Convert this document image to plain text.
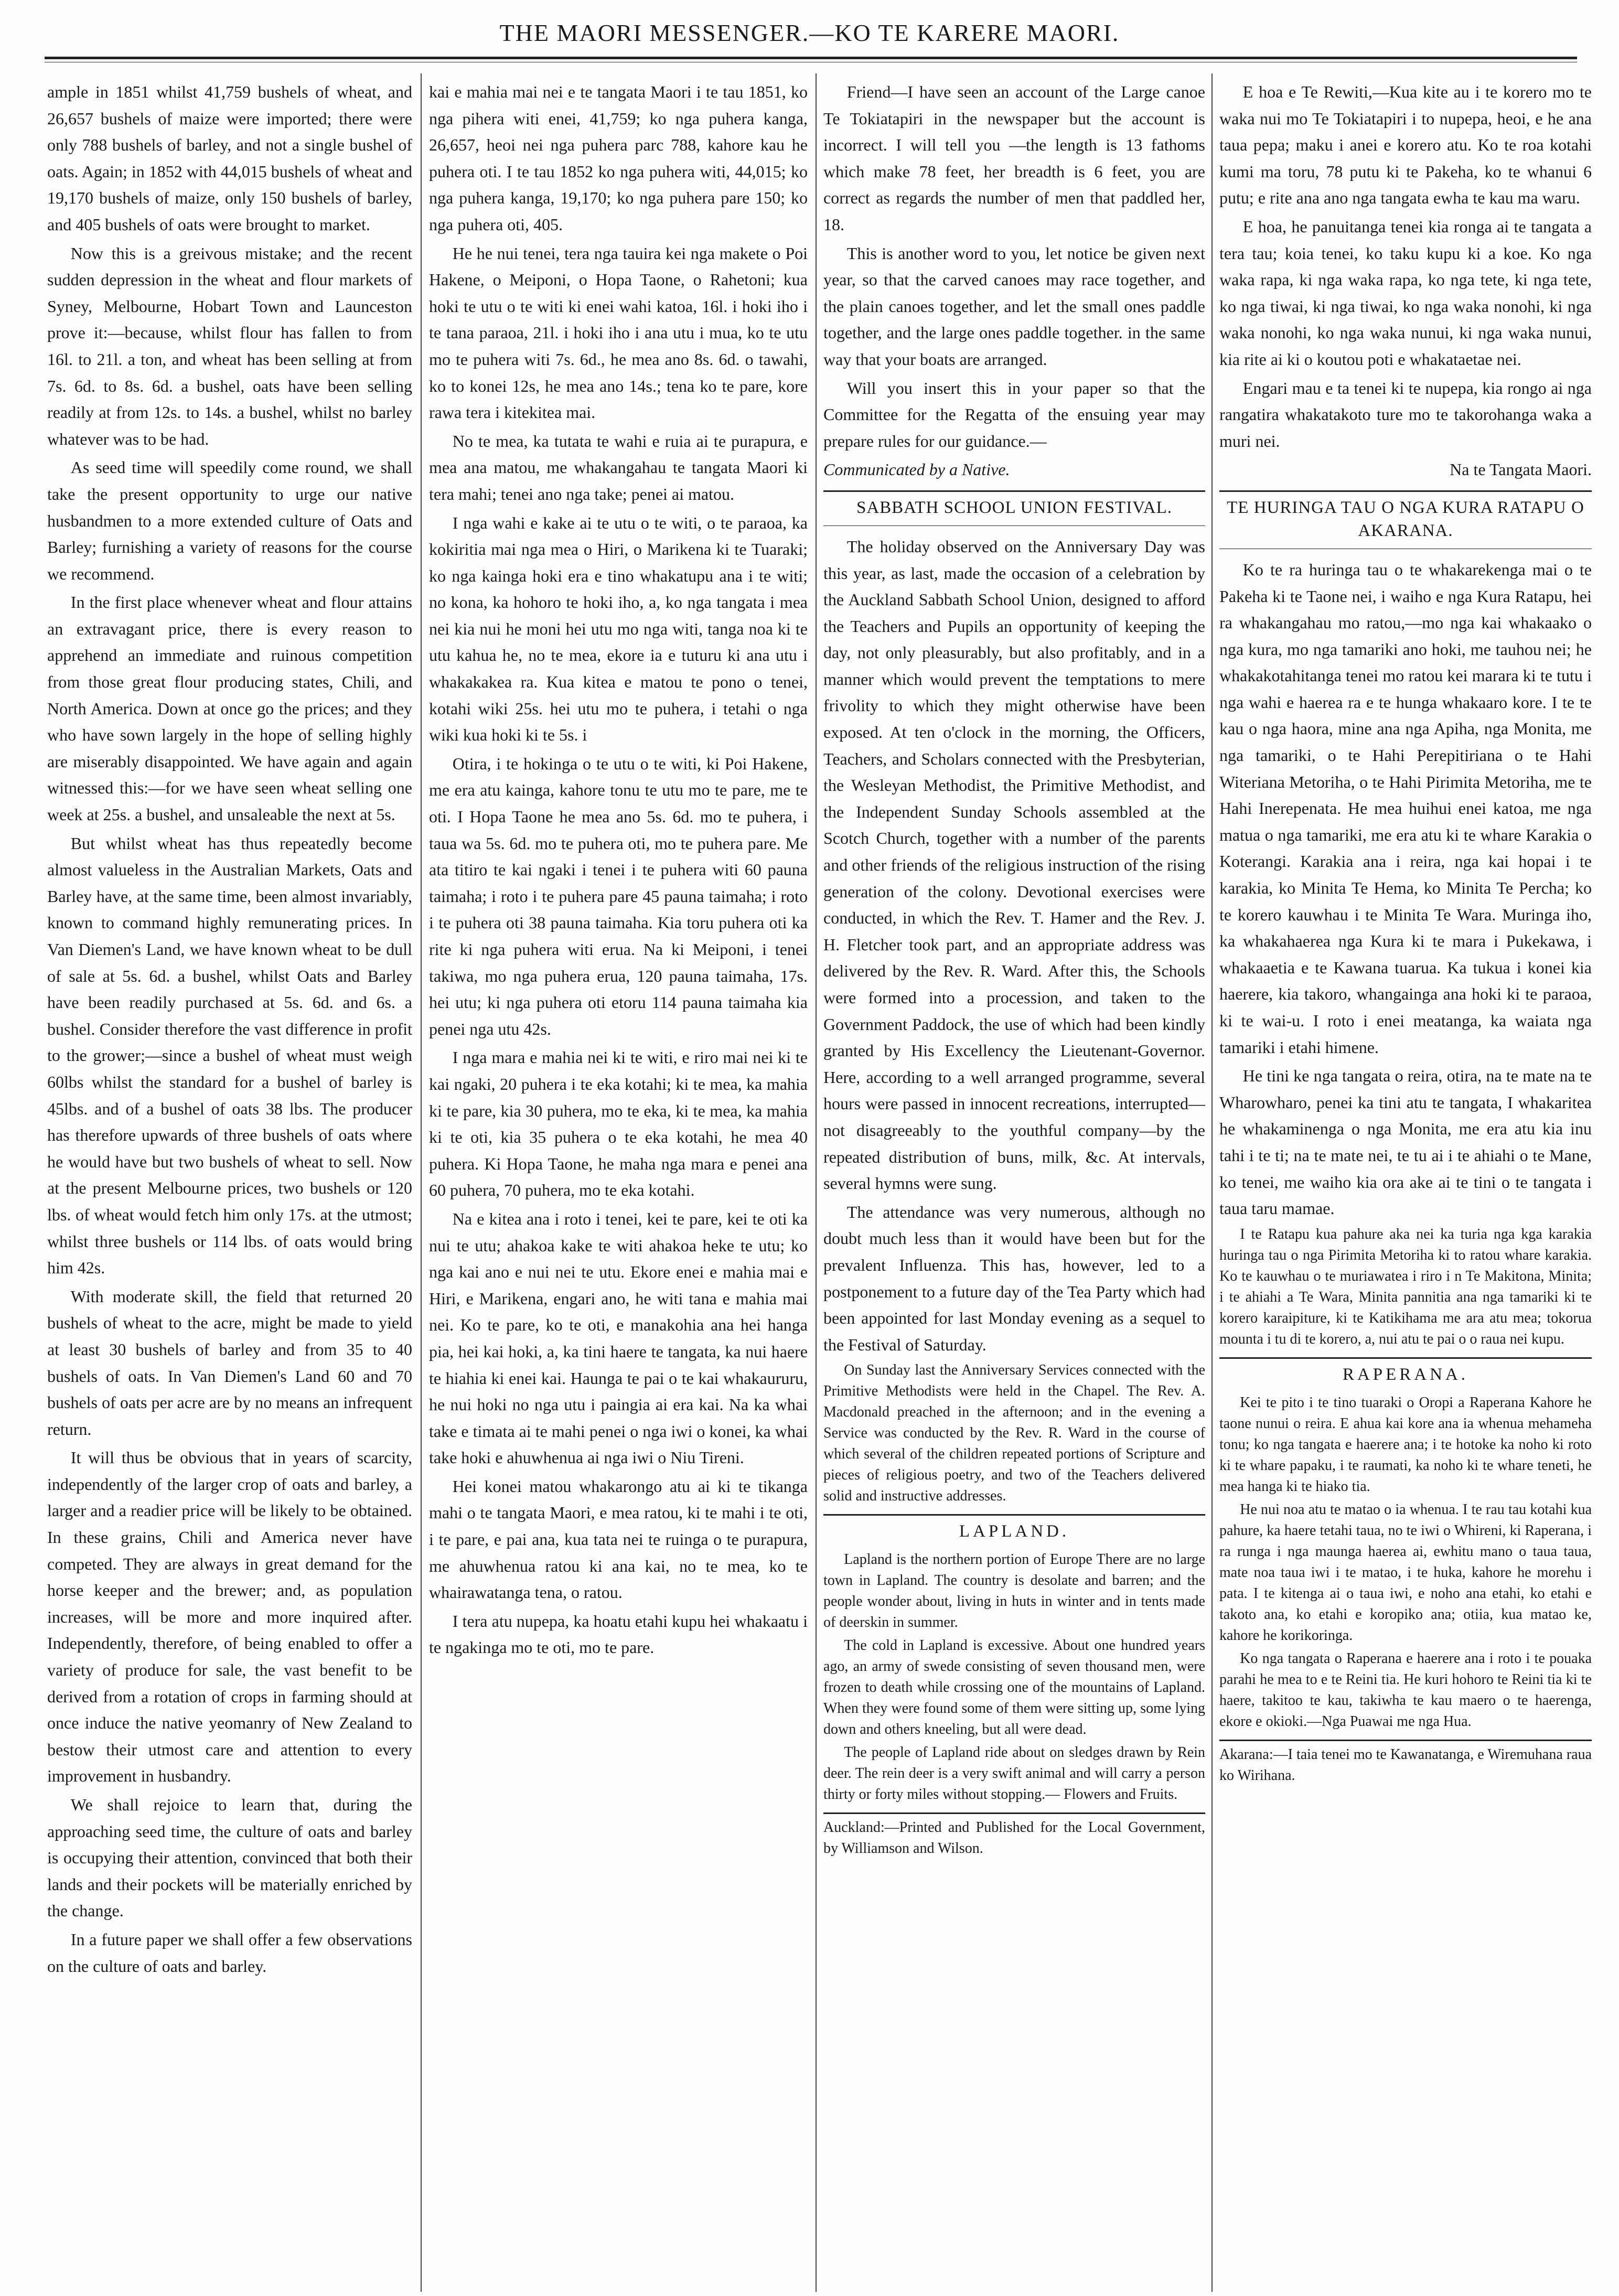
THE MAORI MESSENGER.—KO TE KARERE MAORI.

ample in 1851 whilst 41,759 bushels of wheat, and 26,657 bushels of maize were imported; there were only 788 bushels of barley, and not a single bushel of oats. Again; in 1852 with 44,015 bushels of wheat and 19,170 bushels of maize, only 150 bushels of barley, and 405 bushels of oats were brought to market.

Now this is a greivous mistake; and the recent sudden depression in the wheat and flour markets of Syney, Melbourne, Hobart Town and Launceston prove it:—because, whilst flour has fallen to from 16l. to 21l. a ton, and wheat has been selling at from 7s. 6d. to 8s. 6d. a bushel, oats have been selling readily at from 12s. to 14s. a bushel, whilst no barley whatever was to be had.

As seed time will speedily come round, we shall take the present opportunity to urge our native husbandmen to a more extended culture of Oats and Barley; furnishing a variety of reasons for the course we recommend.

In the first place whenever wheat and flour attains an extravagant price, there is every reason to apprehend an immediate and ruinous competition from those great flour producing states, Chili, and North America. Down at once go the prices; and they who have sown largely in the hope of selling highly are miserably disappointed. We have again and again witnessed this:—for we have seen wheat selling one week at 25s. a bushel, and unsaleable the next at 5s.

But whilst wheat has thus repeatedly become almost valueless in the Australian Markets, Oats and Barley have, at the same time, been almost invariably, known to command highly remunerating prices. In Van Diemen's Land, we have known wheat to be dull of sale at 5s. 6d. a bushel, whilst Oats and Barley have been readily purchased at 5s. 6d. and 6s. a bushel. Consider therefore the vast difference in profit to the grower;—since a bushel of wheat must weigh 60lbs whilst the standard for a bushel of barley is 45lbs. and of a bushel of oats 38 lbs. The producer has therefore upwards of three bushels of oats where he would have but two bushels of wheat to sell. Now at the present Melbourne prices, two bushels or 120 lbs. of wheat would fetch him only 17s. at the utmost; whilst three bushels or 114 lbs. of oats would bring him 42s.

With moderate skill, the field that returned 20 bushels of wheat to the acre, might be made to yield at least 30 bushels of barley and from 35 to 40 bushels of oats. In Van Diemen's Land 60 and 70 bushels of oats per acre are by no means an infrequent return.

It will thus be obvious that in years of scarcity, independently of the larger crop of oats and barley, a larger and a readier price will be likely to be obtained. In these grains, Chili and America never have competed. They are always in great demand for the horse keeper and the brewer; and, as population increases, will be more and more inquired after. Independently, therefore, of being enabled to offer a variety of produce for sale, the vast benefit to be derived from a rotation of crops in farming should at once induce the native yeomanry of New Zealand to bestow their utmost care and attention to every improvement in husbandry.

We shall rejoice to learn that, during the approaching seed time, the culture of oats and barley is occupying their attention, convinced that both their lands and their pockets will be materially enriched by the change.

In a future paper we shall offer a few observations on the culture of oats and barley.

kai e mahia mai nei e te tangata Maori i te tau 1851, ko nga pihera witi enei, 41,759; ko nga puhera kanga, 26,657, heoi nei nga puhera parc 788, kahore kau he puhera oti. I te tau 1852 ko nga puhera witi, 44,015; ko nga puhera kanga, 19,170; ko nga puhera pare 150; ko nga puhera oti, 405.

He he nui tenei, tera nga tauira kei nga makete o Poi Hakene, o Meiponi, o Hopa Taone, o Rahetoni; kua hoki te utu o te witi ki enei wahi katoa, 16l. i hoki iho i te tana paraoa, 21l. i hoki iho i ana utu i mua, ko te utu mo te puhera witi 7s. 6d., he mea ano 8s. 6d. o tawahi, ko to konei 12s, he mea ano 14s.; tena ko te pare, kore rawa tera i kitekitea mai.

No te mea, ka tutata te wahi e ruia ai te purapura, e mea ana matou, me whakangahau te tangata Maori ki tera mahi; tenei ano nga take; penei ai matou.

I nga wahi e kake ai te utu o te witi, o te paraoa, ka kokiritia mai nga mea o Hiri, o Marikena ki te Tuaraki; ko nga kainga hoki era e tino whakatupu ana i te witi; no kona, ka hohoro te hoki iho, a, ko nga tangata i mea nei kia nui he moni hei utu mo nga witi, tanga noa ki te utu kahua he, no te mea, ekore ia e tuturu ki ana utu i whakakakea ra. Kua kitea e matou te pono o tenei, kotahi wiki 25s. hei utu mo te puhera, i tetahi o nga wiki kua hoki ki te 5s. i

Otira, i te hokinga o te utu o te witi, ki Poi Hakene, me era atu kainga, kahore tonu te utu mo te pare, me te oti. I Hopa Taone he mea ano 5s. 6d. mo te puhera, i taua wa 5s. 6d. mo te puhera oti, mo te puhera pare. Me ata titiro te kai ngaki i tenei i te puhera witi 60 pauna taimaha; i roto i te puhera pare 45 pauna taimaha; i roto i te puhera oti 38 pauna taimaha. Kia toru puhera oti ka rite ki nga puhera witi erua. Na ki Meiponi, i tenei takiwa, mo nga puhera erua, 120 pauna taimaha, 17s. hei utu; ki nga puhera oti etoru 114 pauna taimaha kia penei nga utu 42s.

I nga mara e mahia nei ki te witi, e riro mai nei ki te kai ngaki, 20 puhera i te eka kotahi; ki te mea, ka mahia ki te pare, kia 30 puhera, mo te eka, ki te mea, ka mahia ki te oti, kia 35 puhera o te eka kotahi, he mea 40 puhera. Ki Hopa Taone, he maha nga mara e penei ana 60 puhera, 70 puhera, mo te eka kotahi.

Na e kitea ana i roto i tenei, kei te pare, kei te oti ka nui te utu; ahakoa kake te witi ahakoa heke te utu; ko nga kai ano e nui nei te utu. Ekore enei e mahia mai e Hiri, e Marikena, engari ano, he witi tana e mahia mai nei. Ko te pare, ko te oti, e manakohia ana hei hanga pia, hei kai hoki, a, ka tini haere te tangata, ka nui haere te hiahia ki enei kai. Haunga te pai o te kai whakaururu, he nui hoki no nga utu i paingia ai era kai. Na ka whai take e timata ai te mahi penei o nga iwi o konei, ka whai take hoki e ahuwhenua ai nga iwi o Niu Tireni.

Hei konei matou whakarongo atu ai ki te tikanga mahi o te tangata Maori, e mea ratou, ki te mahi i te oti, i te pare, e pai ana, kua tata nei te ruinga o te purapura, me ahuwhenua ratou ki ana kai, no te mea, ko te whairawatanga tena, o ratou.

I tera atu nupepa, ka hoatu etahi kupu hei whakaatu i te ngakinga mo te oti, mo te pare.

Friend—I have seen an account of the Large canoe Te Tokiatapiri in the newspaper but the account is incorrect. I will tell you —the length is 13 fathoms which make 78 feet, her breadth is 6 feet, you are correct as regards the number of men that paddled her, 18.

This is another word to you, let notice be given next year, so that the carved canoes may race together, and the plain canoes together, and let the small ones paddle together, and the large ones paddle together. in the same way that your boats are arranged.

Will you insert this in your paper so that the Committee for the Regatta of the ensuing year may prepare rules for our guidance.—

Communicated by a Native.

SABBATH SCHOOL UNION FESTIVAL.

The holiday observed on the Anniversary Day was this year, as last, made the occasion of a celebration by the Auckland Sabbath School Union, designed to afford the Teachers and Pupils an opportunity of keeping the day, not only pleasurably, but also profitably, and in a manner which would prevent the temptations to mere frivolity to which they might otherwise have been exposed. At ten o'clock in the morning, the Officers, Teachers, and Scholars connected with the Presbyterian, the Wesleyan Methodist, the Primitive Methodist, and the Independent Sunday Schools assembled at the Scotch Church, together with a number of the parents and other friends of the religious instruction of the rising generation of the colony. Devotional exercises were conducted, in which the Rev. T. Hamer and the Rev. J. H. Fletcher took part, and an appropriate address was delivered by the Rev. R. Ward. After this, the Schools were formed into a procession, and taken to the Government Paddock, the use of which had been kindly granted by His Excellency the Lieutenant-Governor. Here, according to a well arranged programme, several hours were passed in innocent recreations, interrupted—not disagreeably to the youthful company—by the repeated distribution of buns, milk, &c. At intervals, several hymns were sung.

The attendance was very numerous, although no doubt much less than it would have been but for the prevalent Influenza. This has, however, led to a postponement to a future day of the Tea Party which had been appointed for last Monday evening as a sequel to the Festival of Saturday.

On Sunday last the Anniversary Services connected with the Primitive Methodists were held in the Chapel. The Rev. A. Macdonald preached in the afternoon; and in the evening a Service was conducted by the Rev. R. Ward in the course of which several of the children repeated portions of Scripture and pieces of religious poetry, and two of the Teachers delivered solid and instructive addresses.

LAPLAND.

Lapland is the northern portion of Europe There are no large town in Lapland. The country is desolate and barren; and the people wonder about, living in huts in winter and in tents made of deerskin in summer.

The cold in Lapland is excessive. About one hundred years ago, an army of swede consisting of seven thousand men, were frozen to death while crossing one of the mountains of Lapland. When they were found some of them were sitting up, some lying down and others kneeling, but all were dead.

The people of Lapland ride about on sledges drawn by Rein deer. The rein deer is a very swift animal and will carry a person thirty or forty miles without stopping.— Flowers and Fruits.

Auckland:—Printed and Published for the Local Government, by Williamson and Wilson.

E hoa e Te Rewiti,—Kua kite au i te korero mo te waka nui mo Te Tokiatapiri i to nupepa, heoi, e he ana taua pepa; maku i anei e korero atu. Ko te roa kotahi kumi ma toru, 78 putu ki te Pakeha, ko te whanui 6 putu; e rite ana ano nga tangata ewha te kau ma waru.

E hoa, he panuitanga tenei kia ronga ai te tangata a tera tau; koia tenei, ko taku kupu ki a koe. Ko nga waka rapa, ki nga waka rapa, ko nga tete, ki nga tete, ko nga tiwai, ki nga tiwai, ko nga waka nonohi, ki nga waka nonohi, ko nga waka nunui, ki nga waka nunui, kia rite ai ki o koutou poti e whakataetae nei.

Engari mau e ta tenei ki te nupepa, kia rongo ai nga rangatira whakatakoto ture mo te takorohanga waka a muri nei.

Na te Tangata Maori.

TE HURINGA TAU O NGA KURA RATAPU O AKARANA.

Ko te ra huringa tau o te whakarekenga mai o te Pakeha ki te Taone nei, i waiho e nga Kura Ratapu, hei ra whakangahau mo ratou,—mo nga kai whakaako o nga kura, mo nga tamariki ano hoki, me tauhou nei; he whakakotahitanga tenei mo ratou kei marara ki te tutu i nga wahi e haerea ra e te hunga whakaaro kore. I te te kau o nga haora, mine ana nga Apiha, nga Monita, me nga tamariki, o te Hahi Perepitiriana o te Hahi Witeriana Metoriha, o te Hahi Pirimita Metoriha, me te Hahi Inerepenata. He mea huihui enei katoa, me nga matua o nga tamariki, me era atu ki te whare Karakia o Koterangi. Karakia ana i reira, nga kai hopai i te karakia, ko Minita Te Hema, ko Minita Te Percha; ko te korero kauwhau i te Minita Te Wara. Muringa iho, ka whakahaerea nga Kura ki te mara i Pukekawa, i whakaaetia e te Kawana tuarua. Ka tukua i konei kia haerere, kia takoro, whangainga ana hoki ki te paraoa, ki te wai-u. I roto i enei meatanga, ka waiata nga tamariki i etahi himene.

He tini ke nga tangata o reira, otira, na te mate na te Wharowharo, penei ka tini atu te tangata, I whakaritea he whakaminenga o nga Monita, me era atu kia inu tahi i te ti; na te mate nei, te tu ai i te ahiahi o te Mane, ko tenei, me waiho kia ora ake ai te tini o te tangata i taua taru mamae.

I te Ratapu kua pahure aka nei ka turia nga kga karakia huringa tau o nga Pirimita Metoriha ki to ratou whare karakia. Ko te kauwhau o te muriawatea i riro i n Te Makitona, Minita; i te ahiahi a Te Wara, Minita pannitia ana nga tamariki ki te korero karaipiture, ki te Katikihama me ara atu mea; tokorua mounta i tu di te korero, a, nui atu te pai o o raua nei kupu.

RAPERANA.

Kei te pito i te tino tuaraki o Oropi a Raperana Kahore he taone nunui o reira. E ahua kai kore ana ia whenua mehameha tonu; ko nga tangata e haerere ana; i te hotoke ka noho ki roto ki te whare papaku, i te raumati, ka noho ki te whare teneti, he mea hanga ki te hiako tia.

He nui noa atu te matao o ia whenua. I te rau tau kotahi kua pahure, ka haere tetahi taua, no te iwi o Whireni, ki Raperana, i ra runga i nga maunga haerea ai, ewhitu mano o taua taua, mate noa taua iwi i te matao, i te huka, kahore he morehu i pata. I te kitenga ai o taua iwi, e noho ana etahi, ko etahi e takoto ana, ko etahi e koropiko ana; otiia, kua matao ke, kahore he korikoringa.

Ko nga tangata o Raperana e haerere ana i roto i te pouaka parahi he mea to e te Reini tia. He kuri hohoro te Reini tia ki te haere, takitoo te kau, takiwha te kau maero o te haerenga, ekore e okioki.—Nga Puawai me nga Hua.

Akarana:—I taia tenei mo te Kawanatanga, e Wiremuhana raua ko Wirihana.
